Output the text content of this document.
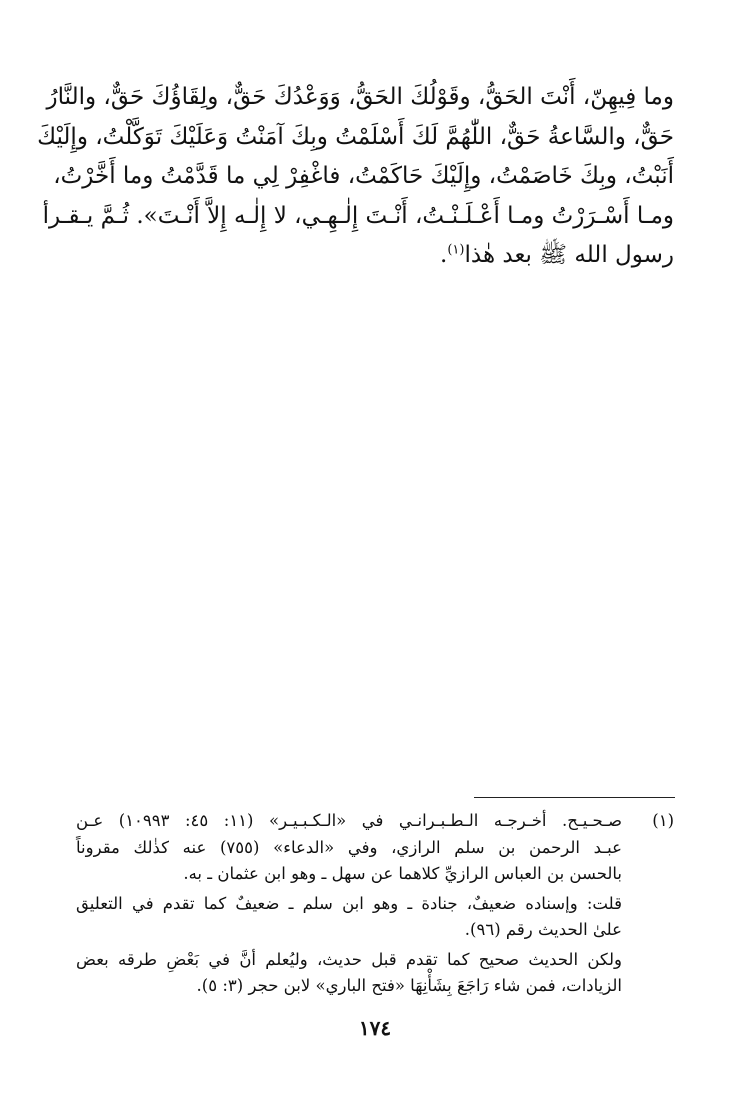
وما فِيهِنّ، أَنْتَ الحَقُّ، وقَوْلُكَ الحَقُّ، وَوَعْدُكَ حَقٌّ، ولِقَاؤُكَ حَقٌّ، والنَّارُ
حَقٌّ، والسَّاعةُ حَقٌّ، اللّٰهُمَّ لَكَ أَسْلَمْتُ وبِكَ آمَنْتُ وَعَلَيْكَ تَوَكَّلْتُ، وإِلَيْكَ
أَنَبْتُ، وبِكَ خَاصَمْتُ، وإِلَيْكَ حَاكَمْتُ، فاغْفِرْ لِي ما قَدَّمْتُ وما أَخَّرْتُ،
ومـا أَسْـرَرْتُ ومـا أَعْـلَـنْـتُ، أَنْـتَ إِلٰـهِـي، لا إِلٰـه إِلاَّ أَنْـتَ». ثُـمَّ يـقـرأ
رسول الله ﷺ بعد هٰذا$^{(١)}$.
(١)
صـحـيـح. أخـرجـه الـطـبـرانـي في «الـكـبـيـر» (١١: ٤٥: ١٠٩٩٣) عـن
عبـد الرحمن بن سلم الرازي، وفي «الدعاء» (٧٥٥) عنه كذٰلك مقروناً
بالحسن بن العباس الرازيِّ كلاهما عن سهل ـ وهو ابن عثمان ـ به.
قلت: وإسناده ضعيفٌ، جنادة ـ وهو ابن سلم ـ ضعيفٌ كما تقدم في التعليق
علىٰ الحديث رقم (٩٦).
ولكن الحديث صحيح كما تقدم قبل حديث، وليُعلم أنَّ في بَعْضِ طرقه بعض
الزيادات، فمن شاء رَاجَعَ بِشَأْنِهَا «فتح الباري» لابن حجر (٣: ٥).
١٧٤
